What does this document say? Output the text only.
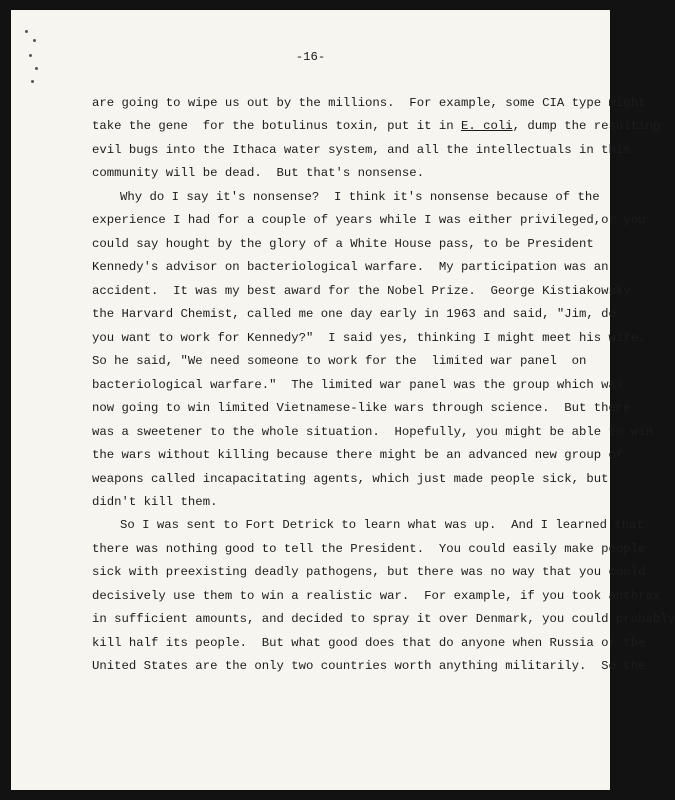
-16-
are going to wipe us out by the millions.  For example, some CIA type might
take the gene  for the botulinus toxin, put it in E. coli, dump the resulting
evil bugs into the Ithaca water system, and all the intellectuals in this
community will be dead.  But that's nonsense.
Why do I say it's nonsense?  I think it's nonsense because of the
experience I had for a couple of years while I was either privileged,or you
could say hought by the glory of a White House pass, to be President
Kennedy's advisor on bacteriological warfare.  My participation was an
accident.  It was my best award for the Nobel Prize.  George Kistiakowsky
the Harvard Chemist, called me one day early in 1963 and said, "Jim, do
you want to work for Kennedy?"  I said yes, thinking I might meet his wife.
So he said, "We need someone to work for the  limited war panel  on
bacteriological warfare."  The limited war panel was the group which was
now going to win limited Vietnamese-like wars through science.  But there
was a sweetener to the whole situation.  Hopefully, you might be able to win
the wars without killing because there might be an advanced new group of
weapons called incapacitating agents, which just made people sick, but
didn't kill them.
So I was sent to Fort Detrick to learn what was up.  And I learned that
there was nothing good to tell the President.  You could easily make people
sick with preexisting deadly pathogens, but there was no way that you could
decisively use them to win a realistic war.  For example, if you took anthrax
in sufficient amounts, and decided to spray it over Denmark, you could probably
kill half its people.  But what good does that do anyone when Russia or the
United States are the only two countries worth anything militarily.  So the
